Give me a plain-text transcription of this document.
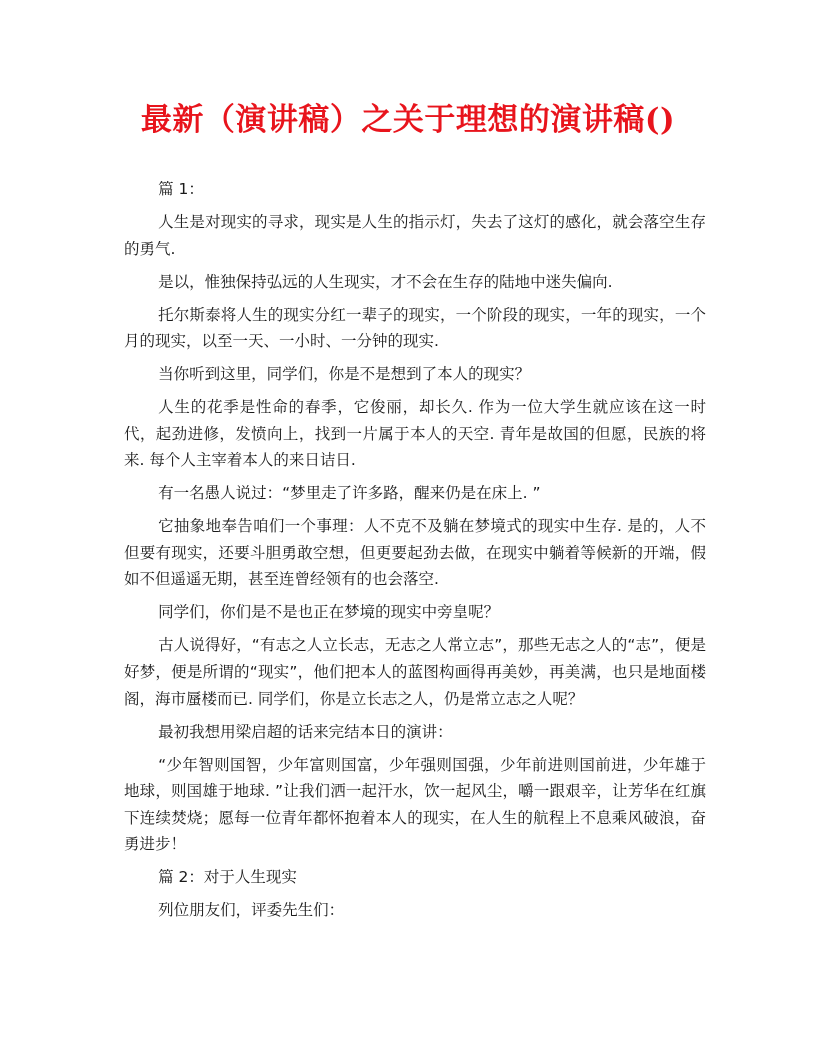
最新（演讲稿）之关于理想的演讲稿()

篇 1：

人生是对现实的寻求，现实是人生的指示灯，失去了这灯的感化，就会落空生存的勇气.

是以，惟独保持弘远的人生现实，才不会在生存的陆地中迷失偏向.

托尔斯泰将人生的现实分红一辈子的现实，一个阶段的现实，一年的现实，一个月的现实，以至一天、一小时、一分钟的现实.

当你听到这里，同学们，你是不是想到了本人的现实？

人生的花季是性命的春季，它俊丽，却长久. 作为一位大学生就应该在这一时代，起劲进修，发愤向上，找到一片属于本人的天空. 青年是故国的但愿，民族的将来. 每个人主宰着本人的来日诘日.

有一名愚人说过：“梦里走了许多路，醒来仍是在床上. ”

它抽象地奉告咱们一个事理：人不克不及躺在梦境式的现实中生存. 是的，人不但要有现实，还要斗胆勇敢空想，但更要起劲去做，在现实中躺着等候新的开端，假如不但遥遥无期，甚至连曾经领有的也会落空.

同学们，你们是不是也正在梦境的现实中旁皇呢？

古人说得好，“有志之人立长志，无志之人常立志”，那些无志之人的“志”，便是好梦，便是所谓的“现实”，他们把本人的蓝图构画得再美妙，再美满，也只是地面楼阁，海市蜃楼而已. 同学们，你是立长志之人，仍是常立志之人呢？

最初我想用梁启超的话来完结本日的演讲：

“少年智则国智，少年富则国富，少年强则国强，少年前进则国前进，少年雄于地球，则国雄于地球. ”让我们洒一起汗水，饮一起风尘，嚼一跟艰辛，让芳华在红旗下连续焚烧；愿每一位青年都怀抱着本人的现实，在人生的航程上不息乘风破浪，奋勇进步！

篇 2：对于人生现实

列位朋友们，评委先生们：
